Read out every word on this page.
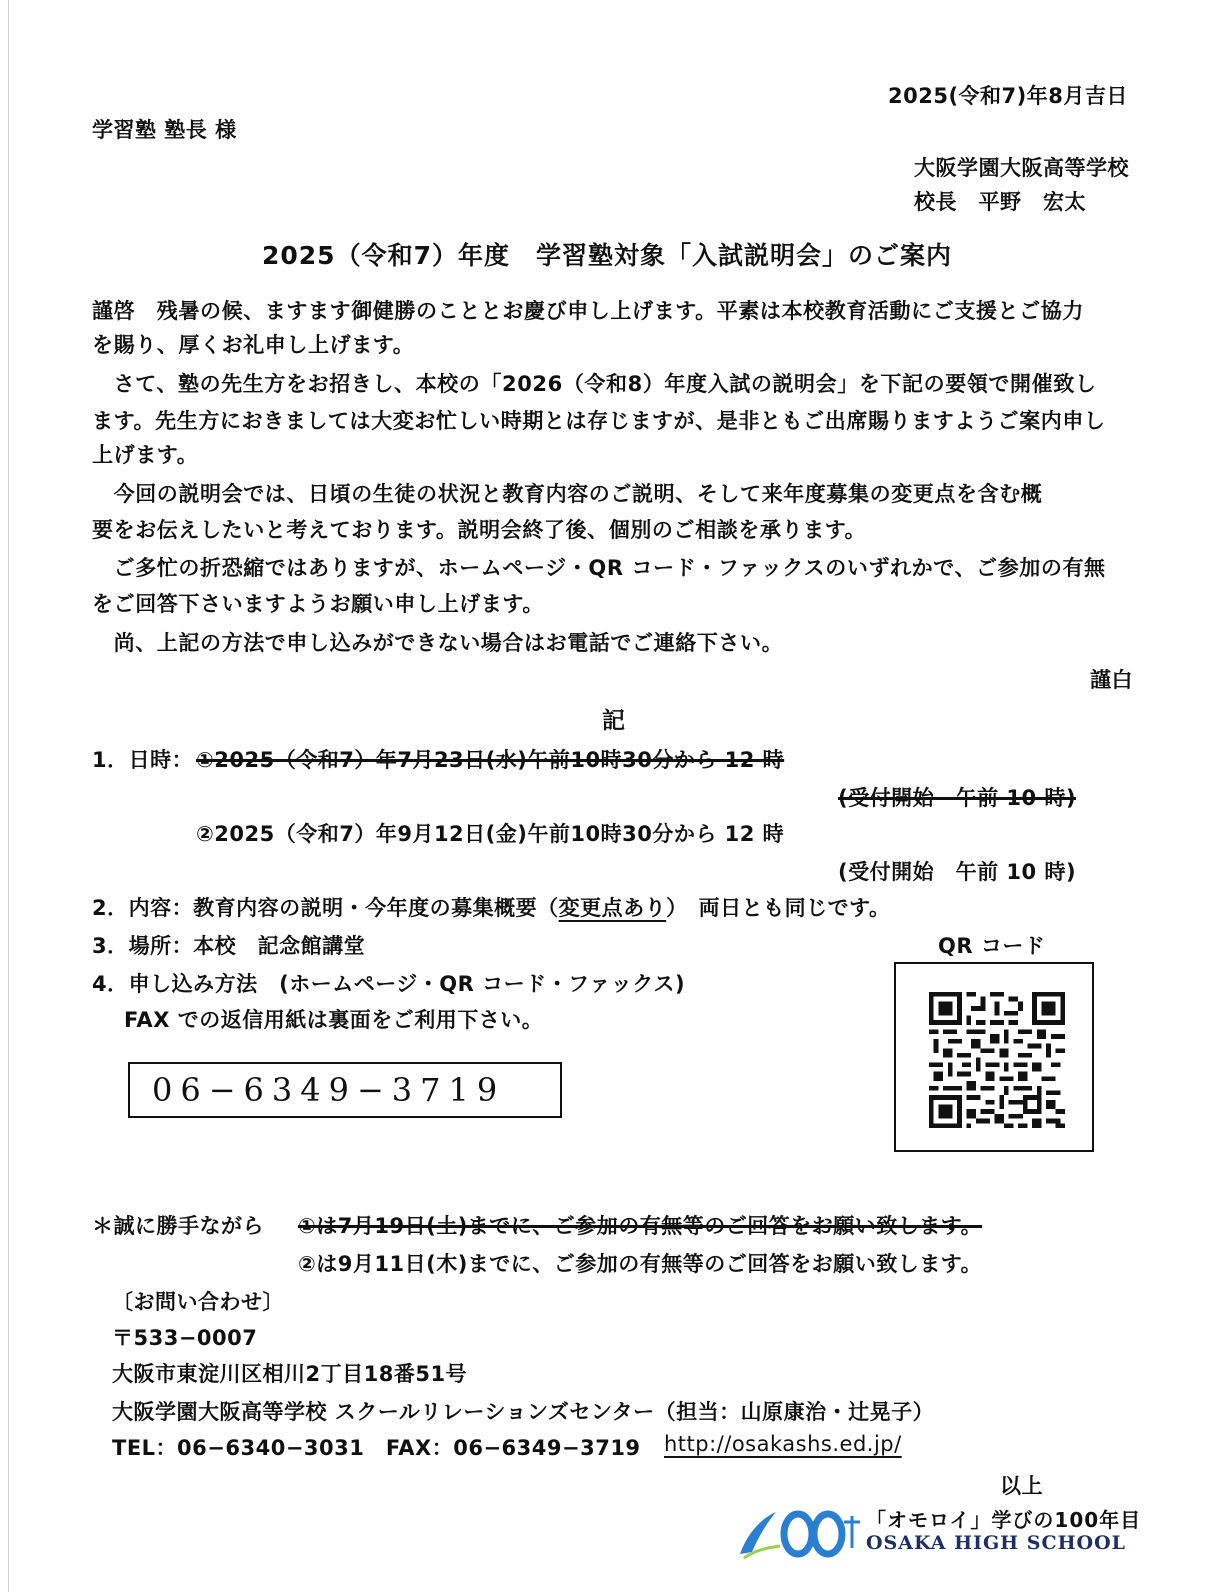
2025(令和7)年8月吉日
学習塾 塾長 様
大阪学園大阪高等学校
校長　平野　宏太
2025（令和7）年度　学習塾対象「入試説明会」のご案内
謹啓　残暑の候、ますます御健勝のこととお慶び申し上げます。平素は本校教育活動にご支援とご協力
を賜り、厚くお礼申し上げます。
　さて、塾の先生方をお招きし、本校の「2026（令和8）年度入試の説明会」を下記の要領で開催致し
ます。先生方におきましては大変お忙しい時期とは存じますが、是非ともご出席賜りますようご案内申し
上げます。
　今回の説明会では、日頃の生徒の状況と教育内容のご説明、そして来年度募集の変更点を含む概
要をお伝えしたいと考えております。説明会終了後、個別のご相談を承ります。
　ご多忙の折恐縮ではありますが、ホームページ・QR コード・ファックスのいずれかで、ご参加の有無
をご回答下さいますようお願い申し上げます。
　尚、上記の方法で申し込みができない場合はお電話でご連絡下さい。
謹白
記
1．日時： ①2025（令和7）年7月23日(水)午前10時30分から 12 時
(受付開始　午前 10 時)
②2025（令和7）年9月12日(金)午前10時30分から 12 時
(受付開始　午前 10 時)
2．内容：教育内容の説明・今年度の募集概要（変更点あり）　両日とも同じです。
3．場所：本校　記念館講堂	QR コード
4．申し込み方法　(ホームページ・QR コード・ファックス)
FAX での返信用紙は裏面をご利用下さい。
06−6349−3719
＊誠に勝手ながら ①は7月19日(土)までに、ご参加の有無等のご回答をお願い致します。
②は9月11日(木)までに、ご参加の有無等のご回答をお願い致します。
〔お問い合わせ〕
〒533−0007
大阪市東淀川区相川2丁目18番51号
大阪学園大阪高等学校 スクールリレーションズセンター（担当：山原康治・辻晃子）
TEL：06−6340−3031　FAX：06−6349−3719 http://osakashs.ed.jp/
以上
「オモロイ」学びの100年目
OSAKA HIGH SCHOOL
